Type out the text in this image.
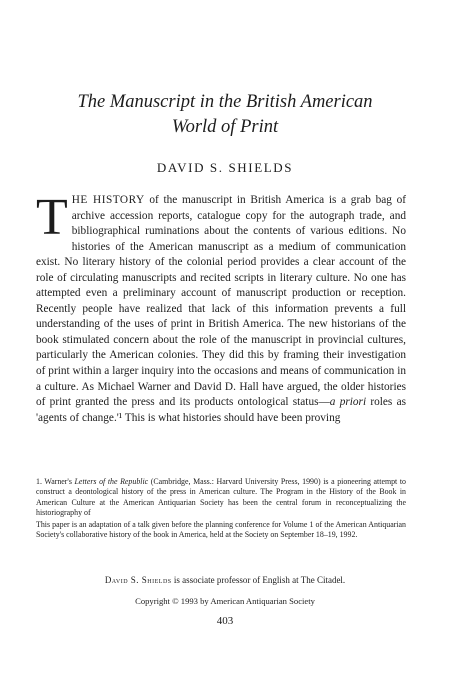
The Manuscript in the British American
World of Print

DAVID S. SHIELDS

THE HISTORY of the manuscript in British America is a grab bag of archive accession reports, catalogue copy for the autograph trade, and bibliographical ruminations about the contents of various editions. No histories of the American manuscript as a medium of communication exist. No literary history of the colonial period provides a clear account of the role of circulating manuscripts and recited scripts in literary culture. No one has attempted even a preliminary account of manuscript production or reception. Recently people have realized that lack of this information prevents a full understanding of the uses of print in British America. The new historians of the book stimulated concern about the role of the manuscript in provincial cultures, particularly the American colonies. They did this by framing their investigation of print within a larger inquiry into the occasions and means of communication in a culture. As Michael Warner and David D. Hall have argued, the older histories of print granted the press and its products ontological status—a priori roles as 'agents of change.'¹ This is what histories should have been proving

1. Warner's Letters of the Republic (Cambridge, Mass.: Harvard University Press, 1990) is a pioneering attempt to construct a deontological history of the press in American culture. The Program in the History of the Book in American Culture at the American Antiquarian Society has been the central forum in reconceptualizing the historiography of

This paper is an adaptation of a talk given before the planning conference for Volume 1 of the American Antiquarian Society's collaborative history of the book in America, held at the Society on September 18–19, 1992.

David S. Shields is associate professor of English at The Citadel.

Copyright © 1993 by American Antiquarian Society

403
